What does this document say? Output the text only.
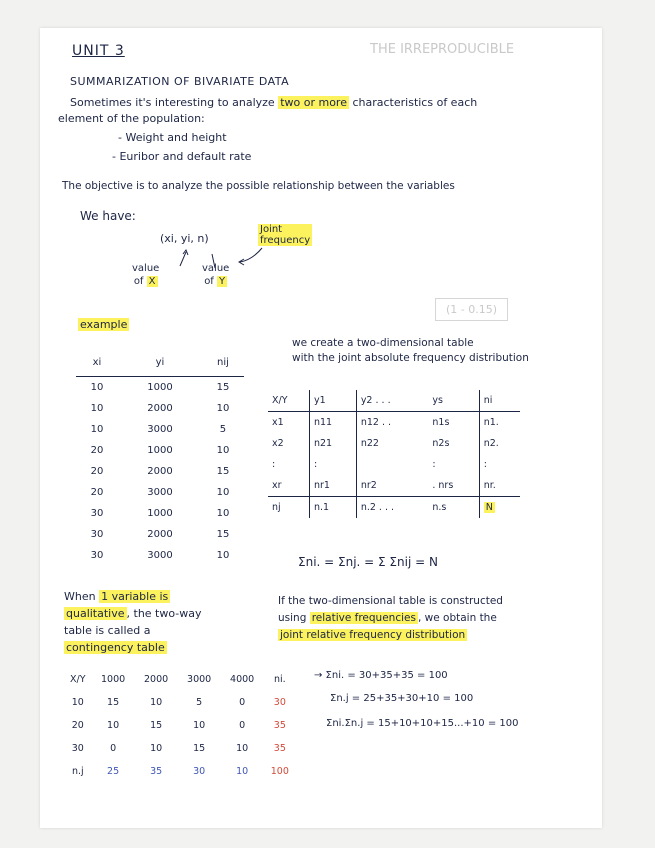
THE IRREPRODUCIBLE
(1 - 0.15)
UNIT 3
SUMMARIZATION OF BIVARIATE DATA
Sometimes it's interesting to analyze two or more characteristics of each
element of the population:
- Weight and height
- Euribor and default rate
The objective is to analyze the possible relationship between the variables
We have:
(xi, yi, n)
Joint
frequency
value
of X
value
of Y
example
xi	yi	nij
10	1000	15
10	2000	10
10	3000	5
20	1000	10
20	2000	15
20	3000	10
30	1000	10
30	2000	15
30	3000	10
we create a two-dimensional table
with the joint absolute frequency distribution
X/Y	y1	y2 . . .	ys	ni
x1	n11	n12 . .	n1s	n1.
x2	n21	n22	n2s	n2.
:	:		:	:
xr	nr1	nr2	. nrs	nr.
nj	n.1	n.2 . . .	n.s	N
Σni. = Σnj. = Σ Σnij = N
When 1 variable is
qualitative , the two-way
table is called a
contingency table
If the two-dimensional table is constructed
using relative frequencies , we obtain the
joint relative frequency distribution
X/Y	1000	2000	3000	4000	ni.
10	15	10	5	0	30
20	10	15	10	0	35
30	0	10	15	10	35
n.j	25	35	30	10	100
→ Σni. = 30+35+35 = 100
Σn.j = 25+35+30+10 = 100
Σni.Σn.j = 15+10+10+15...+10 = 100
